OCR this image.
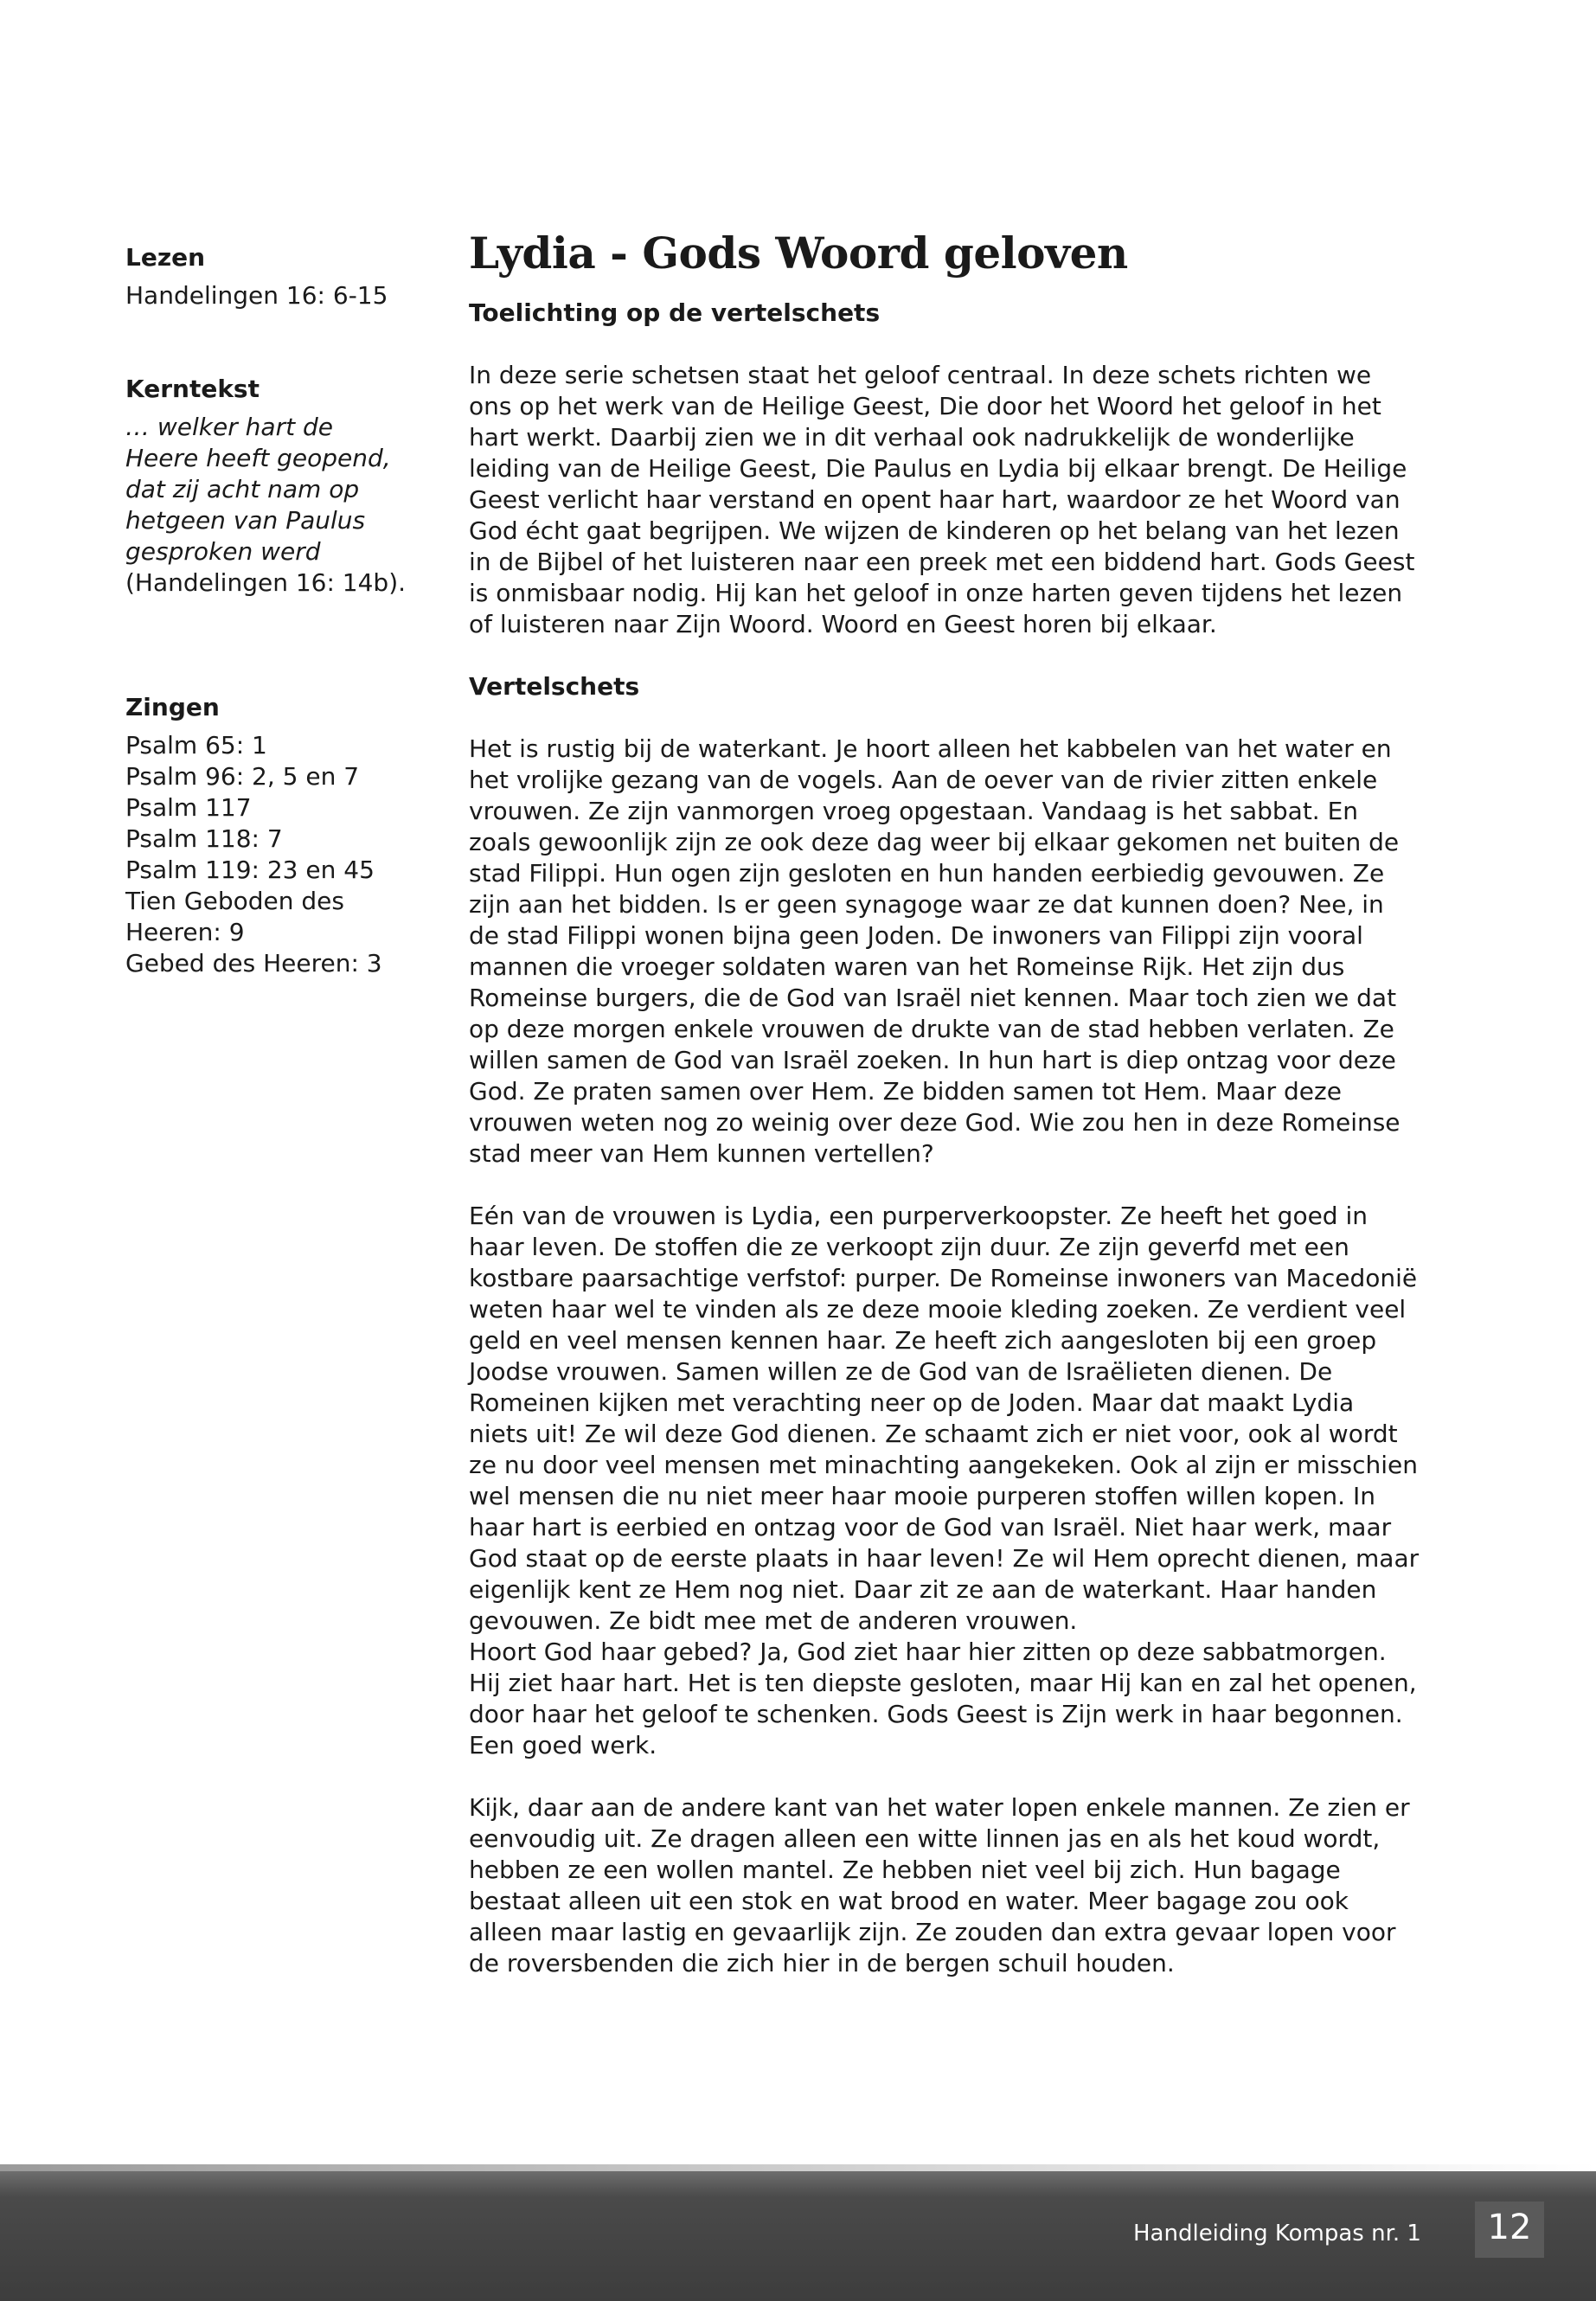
Lezen

Handelingen 16: 6-15

Kerntekst

… welker hart de

Heere heeft geopend,

dat zij acht nam op

hetgeen van Paulus

gesproken werd

(Handelingen 16: 14b).

Zingen
Psalm 65: 1
Psalm 96: 2, 5 en 7
Psalm 117
Psalm 118: 7
Psalm 119: 23 en 45
Tien Geboden des
Heeren: 9
Gebed des Heeren: 3
Lydia - Gods Woord geloven
Toelichting op de vertelschets

In deze serie schetsen staat het geloof centraal. In deze schets richten we ons op het werk van de Heilige Geest, Die door het Woord het geloof in het hart werkt. Daarbij zien we in dit verhaal ook nadrukkelijk de wonderlijke leiding van de Heilige Geest, Die Paulus en Lydia bij elkaar brengt. De Heilige Geest verlicht haar verstand en opent haar hart, waardoor ze het Woord van God écht gaat begrijpen. We wijzen de kinderen op het belang van het lezen in de Bijbel of het luisteren naar een preek met een biddend hart. Gods Geest is onmisbaar nodig. Hij kan het geloof in onze harten geven tijdens het lezen of luisteren naar Zijn Woord. Woord en Geest horen bij elkaar.

Vertelschets

Het is rustig bij de waterkant. Je hoort alleen het kabbelen van het water en het vrolijke gezang van de vogels. Aan de oever van de rivier zitten enkele vrouwen. Ze zijn vanmorgen vroeg opgestaan. Vandaag is het sabbat. En zoals gewoonlijk zijn ze ook deze dag weer bij elkaar gekomen net buiten de stad Filippi. Hun ogen zijn gesloten en hun handen eerbiedig gevouwen. Ze zijn aan het bidden. Is er geen synagoge waar ze dat kunnen doen? Nee, in de stad Filippi wonen bijna geen Joden. De inwoners van Filippi zijn vooral mannen die vroeger soldaten waren van het Romeinse Rijk. Het zijn dus Romeinse burgers, die de God van Israël niet kennen. Maar toch zien we dat op deze morgen enkele vrouwen de drukte van de stad hebben verlaten. Ze willen samen de God van Israël zoeken. In hun hart is diep ontzag voor deze God. Ze praten samen over Hem. Ze bidden samen tot Hem. Maar deze vrouwen weten nog zo weinig over deze God. Wie zou hen in deze Romeinse stad meer van Hem kunnen vertellen?

Eén van de vrouwen is Lydia, een purperverkoopster. Ze heeft het goed in haar leven. De stoffen die ze verkoopt zijn duur. Ze zijn geverfd met een kostbare paarsachtige verfstof: purper. De Romeinse inwoners van Macedonië weten haar wel te vinden als ze deze mooie kleding zoeken. Ze verdient veel geld en veel mensen kennen haar. Ze heeft zich aangesloten bij een groep Joodse vrouwen. Samen willen ze de God van de Israëlieten dienen. De Romeinen kijken met verachting neer op de Joden. Maar dat maakt Lydia niets uit! Ze wil deze God dienen. Ze schaamt zich er niet voor, ook al wordt ze nu door veel mensen met minachting aangekeken. Ook al zijn er misschien wel mensen die nu niet meer haar mooie purperen stoffen willen kopen. In haar hart is eerbied en ontzag voor de God van Israël. Niet haar werk, maar God staat op de eerste plaats in haar leven! Ze wil Hem oprecht dienen, maar eigenlijk kent ze Hem nog niet. Daar zit ze aan de waterkant. Haar handen gevouwen. Ze bidt mee met de anderen vrouwen.

Hoort God haar gebed? Ja, God ziet haar hier zitten op deze sabbatmorgen. Hij ziet haar hart. Het is ten diepste gesloten, maar Hij kan en zal het openen, door haar het geloof te schenken. Gods Geest is Zijn werk in haar begonnen. Een goed werk.

Kijk, daar aan de andere kant van het water lopen enkele mannen. Ze zien er eenvoudig uit. Ze dragen alleen een witte linnen jas en als het koud wordt, hebben ze een wollen mantel. Ze hebben niet veel bij zich. Hun bagage bestaat alleen uit een stok en wat brood en water. Meer bagage zou ook alleen maar lastig en gevaarlijk zijn. Ze zouden dan extra gevaar lopen voor de roversbenden die zich hier in de bergen schuil houden.

Handleiding Kompas nr. 1	12
